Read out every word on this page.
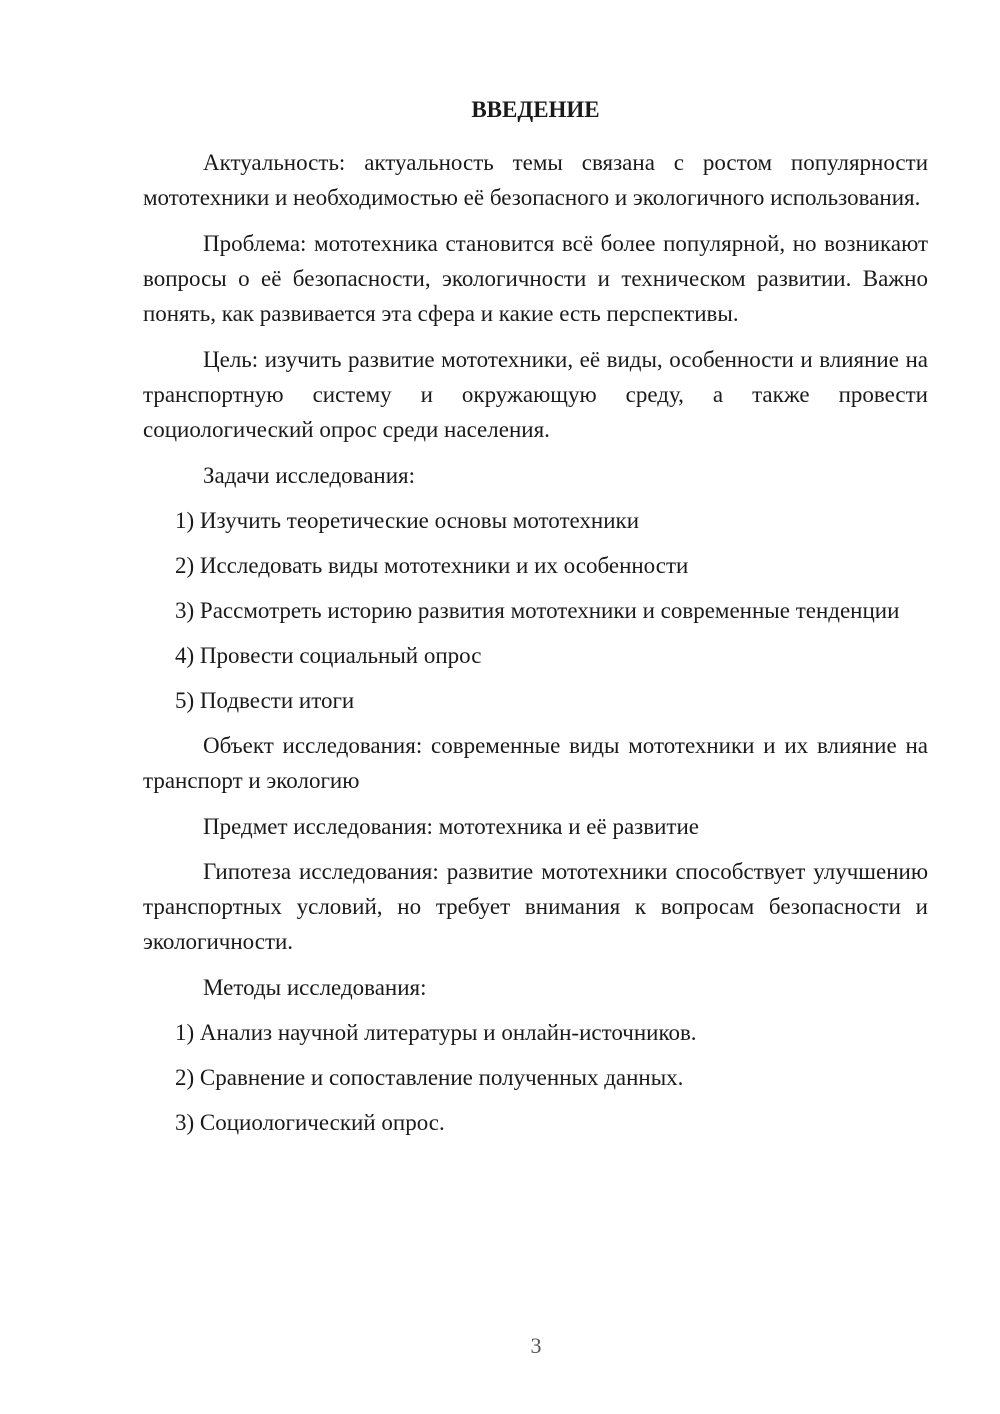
ВВЕДЕНИЕ

Актуальность: актуальность темы связана с ростом популярности мототехники и необходимостью её безопасного и экологичного использования.

Проблема: мототехника становится всё более популярной, но возникают вопросы о её безопасности, экологичности и техническом развитии. Важно понять, как развивается эта сфера и какие есть перспективы.

Цель: изучить развитие мототехники, её виды, особенности и влияние на транспортную систему и окружающую среду, а также провести социологический опрос среди населения.

Задачи исследования:

1) Изучить теоретические основы мототехники

2) Исследовать виды мототехники и их особенности

3) Рассмотреть историю развития мототехники и современные тенденции

4) Провести социальный опрос

5) Подвести итоги

Объект исследования: современные виды мототехники и их влияние на транспорт и экологию

Предмет исследования: мототехника и её развитие

Гипотеза исследования: развитие мототехники способствует улучшению транспортных условий, но требует внимания к вопросам безопасности и экологичности.

Методы исследования:

1) Анализ научной литературы и онлайн-источников.

2) Сравнение и сопоставление полученных данных.

3) Социологический опрос.

3
